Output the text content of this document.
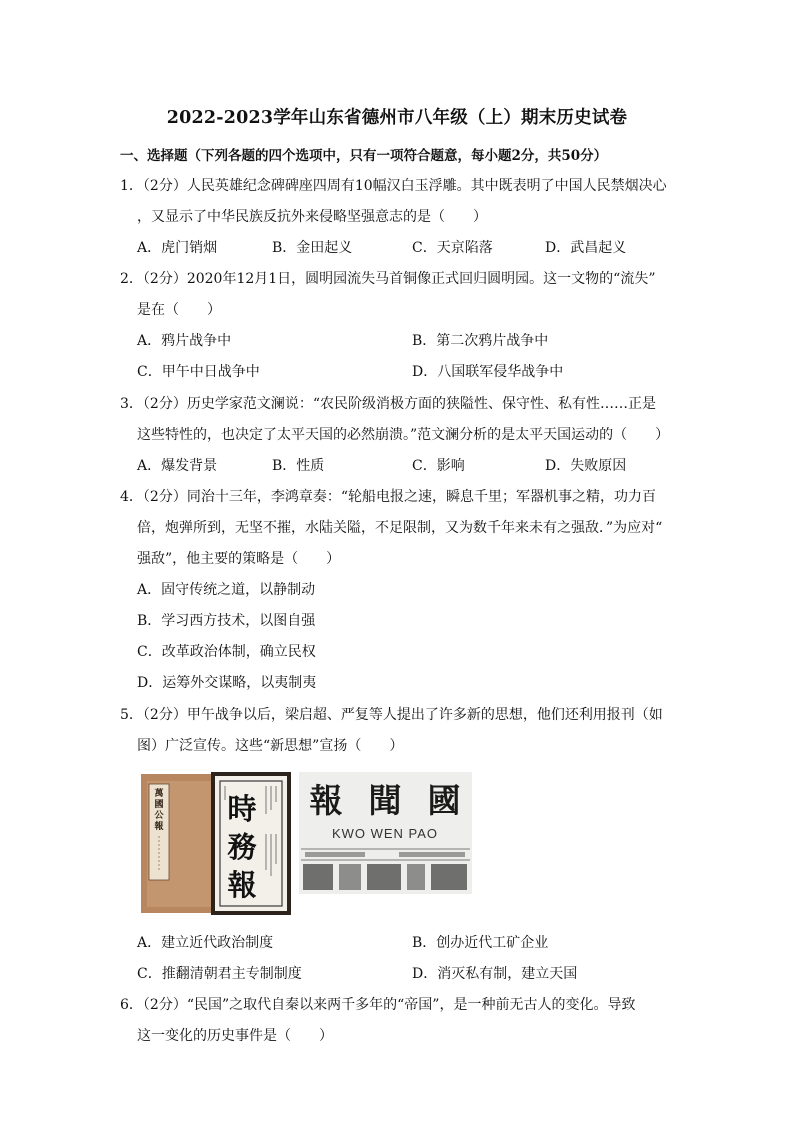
2022-2023学年山东省德州市八年级（上）期末历史试卷
一、选择题（下列各题的四个选项中，只有一项符合题意，每小题2分，共50分）
1．（2分）人民英雄纪念碑碑座四周有10幅汉白玉浮雕。其中既表明了中国人民禁烟决心
，又显示了中华民族反抗外来侵略坚强意志的是（　　）
A．虎门销烟	B．金田起义	C．天京陷落	D．武昌起义
2．（2分）2020年12月1日，圆明园流失马首铜像正式回归圆明园。这一文物的“流失”
是在（　　）
A．鸦片战争中	B．第二次鸦片战争中
C．甲午中日战争中	D．八国联军侵华战争中
3．（2分）历史学家范文澜说：“农民阶级消极方面的狭隘性、保守性、私有性……正是
这些特性的，也决定了太平天国的必然崩溃。”范文澜分析的是太平天国运动的（　　）
A．爆发背景	B．性质	C．影响	D．失败原因
4．（2分）同治十三年，李鸿章奏：“轮船电报之速，瞬息千里；军器机事之精，功力百
倍，炮弹所到，无坚不摧，水陆关隘，不足限制，又为数千年来未有之强敌．”为应对“
强敌”，他主要的策略是（　　）
A．固守传统之道，以静制动
B．学习西方技术，以图自强
C．改革政治体制，确立民权
D．运筹外交谋略，以夷制夷
5．（2分）甲午战争以后，梁启超、严复等人提出了许多新的思想，他们还利用报刊（如
图）广泛宣传。这些“新思想”宣扬（　　）
萬
國
公
報
時
務
報
報 聞 國
KWO WEN PAO
A．建立近代政治制度	B．创办近代工矿企业
C．推翻清朝君主专制制度	D．消灭私有制，建立天国
6．（2分）“民国”之取代自秦以来两千多年的“帝国”，是一种前无古人的变化。导致
这一变化的历史事件是（　　）
